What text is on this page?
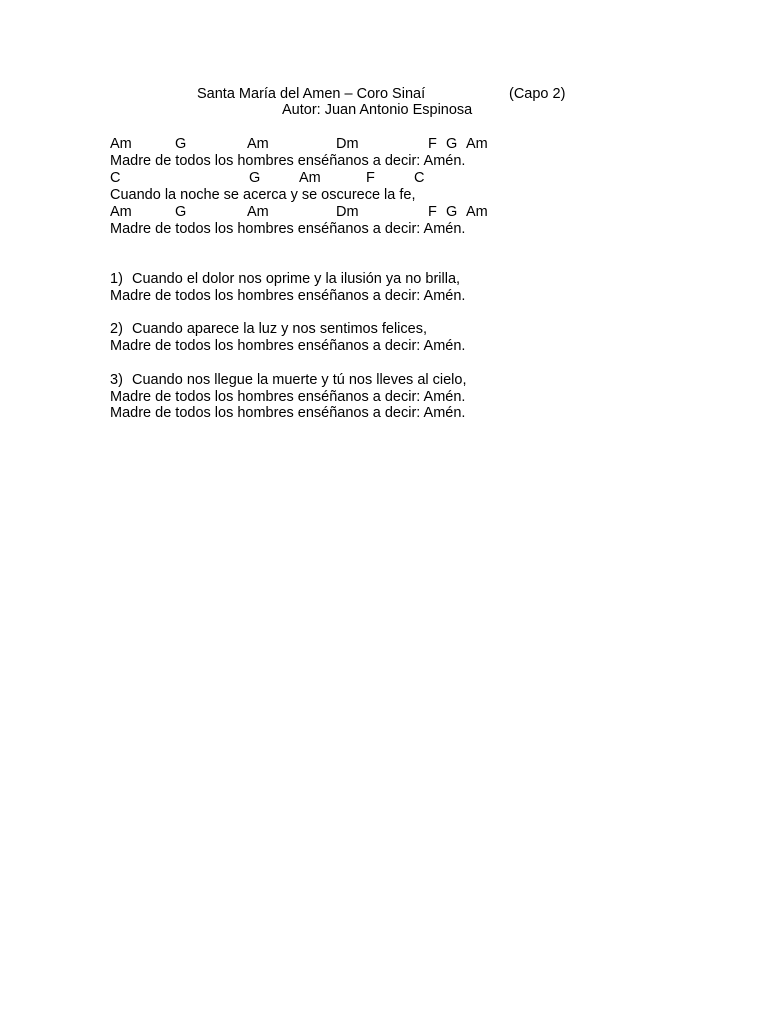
Santa María del Amen – Coro Sinaí	(Capo 2)
Autor: Juan Antonio Espinosa
Am	G	Am	Dm	F G Am
Madre de todos los hombres enséñanos a decir: Amén.
C	G	Am	F	C
Cuando la noche se acerca y se oscurece la fe,
Am	G	Am	Dm	F G Am
Madre de todos los hombres enséñanos a decir: Amén.
1) Cuando el dolor nos oprime y la ilusión ya no brilla,
Madre de todos los hombres enséñanos a decir: Amén.
2) Cuando aparece la luz y nos sentimos felices,
Madre de todos los hombres enséñanos a decir: Amén.
3) Cuando nos llegue la muerte y tú nos lleves al cielo,
Madre de todos los hombres enséñanos a decir: Amén.
Madre de todos los hombres enséñanos a decir: Amén.
